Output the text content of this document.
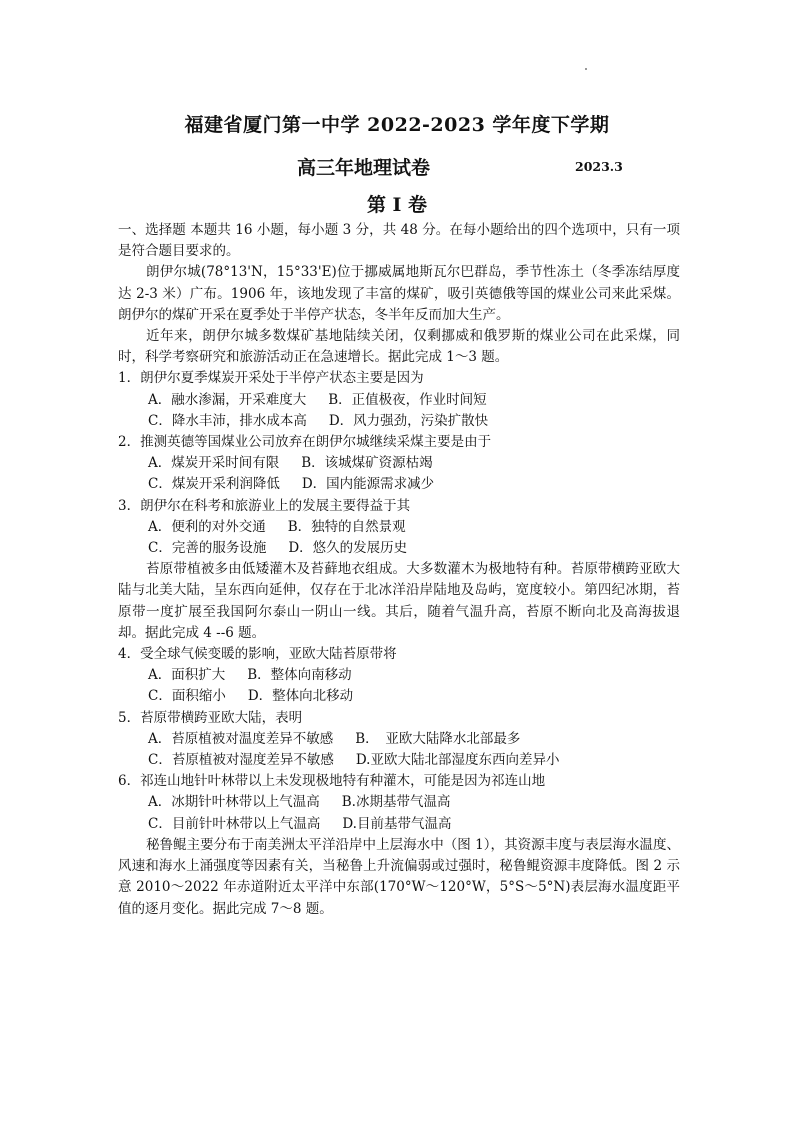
福建省厦门第一中学 2022-2023 学年度下学期
高三年地理试卷	2023.3
第 I 卷

一、选择题 本题共 16 小题，每小题 3 分，共 48 分。在每小题给出的四个选项中，只有一项是符合题目要求的。

朗伊尔城(78°13'N，15°33'E)位于挪威属地斯瓦尔巴群岛，季节性冻土（冬季冻结厚度达 2-3 米）广布。1906 年，该地发现了丰富的煤矿，吸引英德俄等国的煤业公司来此采煤。朗伊尔的煤矿开采在夏季处于半停产状态，冬半年反而加大生产。

近年来，朗伊尔城多数煤矿基地陆续关闭，仅剩挪威和俄罗斯的煤业公司在此采煤，同时，科学考察研究和旅游活动正在急速增长。据此完成 1～3 题。

1．朗伊尔夏季煤炭开采处于半停产状态主要是因为

A．融水渗漏，开采难度大 B．正值极夜，作业时间短
C．降水丰沛，排水成本高 D．风力强劲，污染扩散快

2．推测英德等国煤业公司放弃在朗伊尔城继续采煤主要是由于

A．煤炭开采时间有限 B．该城煤矿资源枯竭
C．煤炭开采利润降低 D．国内能源需求减少

3．朗伊尔在科考和旅游业上的发展主要得益于其

A．便利的对外交通 B．独特的自然景观
C．完善的服务设施 D．悠久的发展历史

苔原带植被多由低矮灌木及苔藓地衣组成。大多数灌木为极地特有种。苔原带横跨亚欧大陆与北美大陆，呈东西向延伸，仅存在于北冰洋沿岸陆地及岛屿，宽度较小。第四纪冰期，苔原带一度扩展至我国阿尔泰山一阴山一线。其后，随着气温升高，苔原不断向北及高海拔退却。据此完成 4 --6 题。

4．受全球气候变暖的影响，亚欧大陆苔原带将

A．面积扩大 B．整体向南移动
C．面积缩小 D．整体向北移动

5．苔原带横跨亚欧大陆，表明

A．苔原植被对温度差异不敏感 B．　亚欧大陆降水北部最多
C．苔原植被对湿度差异不敏感 D.亚欧大陆北部湿度东西向差异小

6．祁连山地针叶林带以上未发现极地特有种灌木，可能是因为祁连山地

A．冰期针叶林带以上气温高 B.冰期基带气温高
C．目前针叶林带以上气温高 D.目前基带气温高

秘鲁鲲主要分布于南美洲太平洋沿岸中上层海水中（图 1），其资源丰度与表层海水温度、风速和海水上涌强度等因素有关，当秘鲁上升流偏弱或过强时，秘鲁鲲资源丰度降低。图 2 示意 2010～2022 年赤道附近太平洋中东部(170°W～120°W，5°S～5°N)表层海水温度距平值的逐月变化。据此完成 7～8 题。
